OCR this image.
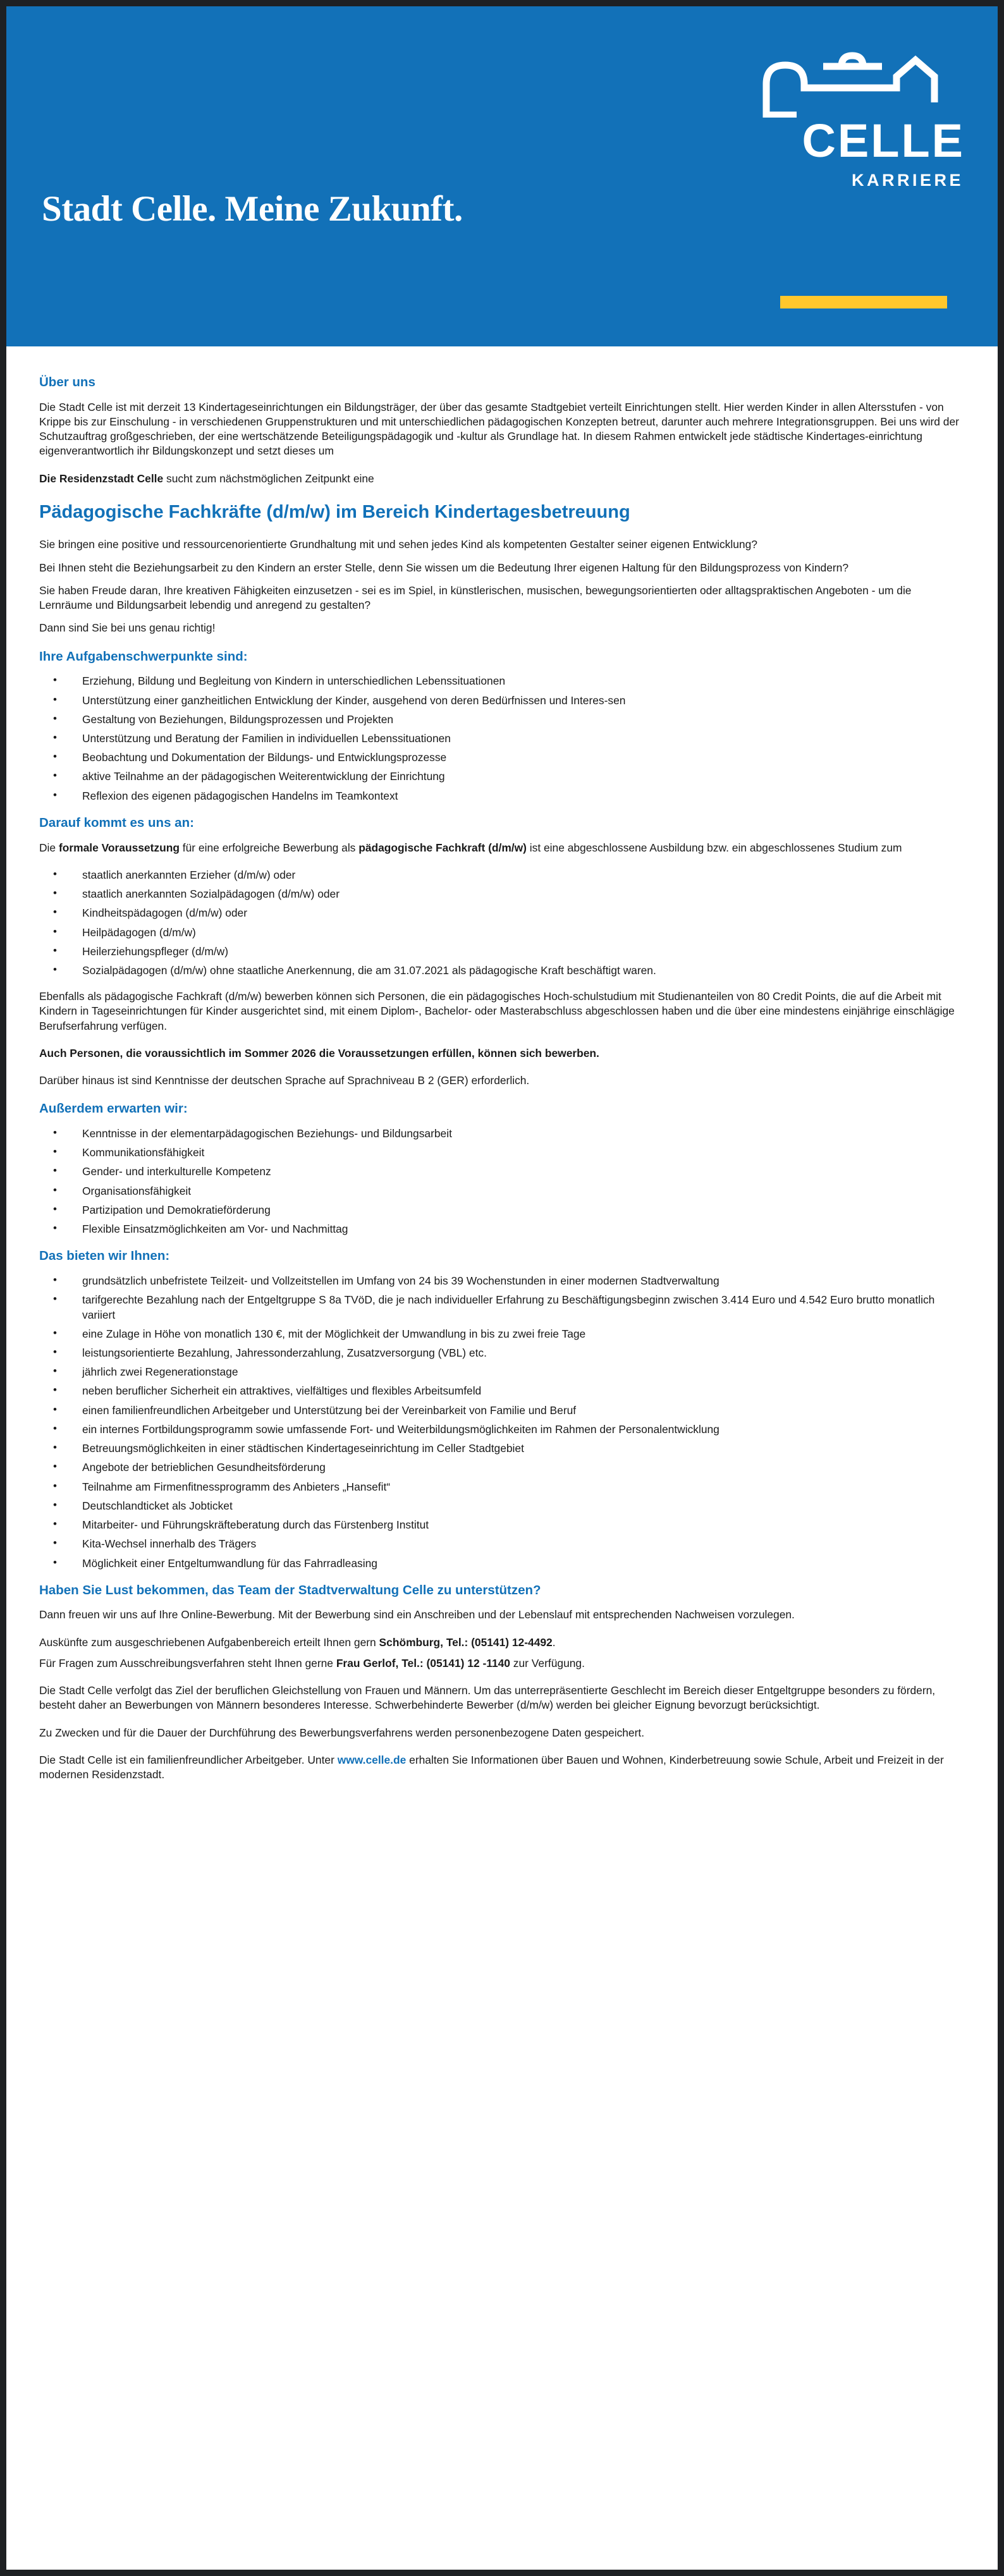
CELLE
KARRIERE
Stadt Celle. Meine Zukunft.
Über uns

Die Stadt Celle ist mit derzeit 13 Kindertageseinrichtungen ein Bildungsträger, der über das gesamte Stadtgebiet verteilt Einrichtungen stellt. Hier werden Kinder in allen Altersstufen - von Krippe bis zur Einschulung - in verschiedenen Gruppenstrukturen und mit unterschiedlichen pädagogischen Konzepten betreut, darunter auch mehrere Integrationsgruppen. Bei uns wird der Schutzauftrag großgeschrieben, der eine wertschätzende Beteiligungspädagogik und -kultur als Grundlage hat. In diesem Rahmen entwickelt jede städtische Kindertages-einrichtung eigenverantwortlich ihr Bildungskonzept und setzt dieses um

Die Residenzstadt Celle sucht zum nächstmöglichen Zeitpunkt eine

Pädagogische Fachkräfte (d/m/w) im Bereich Kindertagesbetreuung

Sie bringen eine positive und ressourcenorientierte Grundhaltung mit und sehen jedes Kind als kompetenten Gestalter seiner eigenen Entwicklung?

Bei Ihnen steht die Beziehungsarbeit zu den Kindern an erster Stelle, denn Sie wissen um die Bedeutung Ihrer eigenen Haltung für den Bildungsprozess von Kindern?

Sie haben Freude daran, Ihre kreativen Fähigkeiten einzusetzen - sei es im Spiel, in künstlerischen, musischen, bewegungsorientierten oder alltagspraktischen Angeboten - um die Lernräume und Bildungsarbeit lebendig und anregend zu gestalten?

Dann sind Sie bei uns genau richtig!

Ihre Aufgabenschwerpunkte sind:
• Erziehung, Bildung und Begleitung von Kindern in unterschiedlichen Lebenssituationen
• Unterstützung einer ganzheitlichen Entwicklung der Kinder, ausgehend von deren Bedürfnissen und Interes-sen
• Gestaltung von Beziehungen, Bildungsprozessen und Projekten
• Unterstützung und Beratung der Familien in individuellen Lebenssituationen
• Beobachtung und Dokumentation der Bildungs- und Entwicklungsprozesse
• aktive Teilnahme an der pädagogischen Weiterentwicklung der Einrichtung
• Reflexion des eigenen pädagogischen Handelns im Teamkontext
Darauf kommt es uns an:

Die formale Voraussetzung für eine erfolgreiche Bewerbung als pädagogische Fachkraft (d/m/w) ist eine abgeschlossene Ausbildung bzw. ein abgeschlossenes Studium zum

• staatlich anerkannten Erzieher (d/m/w) oder
• staatlich anerkannten Sozialpädagogen (d/m/w) oder
• Kindheitspädagogen (d/m/w) oder
• Heilpädagogen (d/m/w)
• Heilerziehungspfleger (d/m/w)
• Sozialpädagogen (d/m/w) ohne staatliche Anerkennung, die am 31.07.2021 als pädagogische Kraft beschäftigt waren.

Ebenfalls als pädagogische Fachkraft (d/m/w) bewerben können sich Personen, die ein pädagogisches Hoch-schulstudium mit Studienanteilen von 80 Credit Points, die auf die Arbeit mit Kindern in Tageseinrichtungen für Kinder ausgerichtet sind, mit einem Diplom-, Bachelor- oder Masterabschluss abgeschlossen haben und die über eine mindestens einjährige einschlägige Berufserfahrung verfügen.

Auch Personen, die voraussichtlich im Sommer 2026 die Voraussetzungen erfüllen, können sich bewerben.

Darüber hinaus ist sind Kenntnisse der deutschen Sprache auf Sprachniveau B 2 (GER) erforderlich.

Außerdem erwarten wir:
• Kenntnisse in der elementarpädagogischen Beziehungs- und Bildungsarbeit
• Kommunikationsfähigkeit
• Gender- und interkulturelle Kompetenz
• Organisationsfähigkeit
• Partizipation und Demokratieförderung
• Flexible Einsatzmöglichkeiten am Vor- und Nachmittag
Das bieten wir Ihnen:
• grundsätzlich unbefristete Teilzeit- und Vollzeitstellen im Umfang von 24 bis 39 Wochenstunden in einer modernen Stadtverwaltung
• tarifgerechte Bezahlung nach der Entgeltgruppe S 8a TVöD, die je nach individueller Erfahrung zu Beschäftigungsbeginn zwischen 3.414 Euro und 4.542 Euro brutto monatlich variiert
• eine Zulage in Höhe von monatlich 130 €, mit der Möglichkeit der Umwandlung in bis zu zwei freie Tage
• leistungsorientierte Bezahlung, Jahressonderzahlung, Zusatzversorgung (VBL) etc.
• jährlich zwei Regenerationstage
• neben beruflicher Sicherheit ein attraktives, vielfältiges und flexibles Arbeitsumfeld
• einen familienfreundlichen Arbeitgeber und Unterstützung bei der Vereinbarkeit von Familie und Beruf
• ein internes Fortbildungsprogramm sowie umfassende Fort- und Weiterbildungsmöglichkeiten im Rahmen der Personalentwicklung
• Betreuungsmöglichkeiten in einer städtischen Kindertageseinrichtung im Celler Stadtgebiet
• Angebote der betrieblichen Gesundheitsförderung
• Teilnahme am Firmenfitnessprogramm des Anbieters „Hansefit“
• Deutschlandticket als Jobticket
• Mitarbeiter- und Führungskräfteberatung durch das Fürstenberg Institut
• Kita-Wechsel innerhalb des Trägers
• Möglichkeit einer Entgeltumwandlung für das Fahrradleasing
Haben Sie Lust bekommen, das Team der Stadtverwaltung Celle zu unterstützen?

Dann freuen wir uns auf Ihre Online-Bewerbung. Mit der Bewerbung sind ein Anschreiben und der Lebenslauf mit entsprechenden Nachweisen vorzulegen.

Auskünfte zum ausgeschriebenen Aufgabenbereich erteilt Ihnen gern Schömburg, Tel.: (05141) 12-4492.

Für Fragen zum Ausschreibungsverfahren steht Ihnen gerne Frau Gerlof, Tel.: (05141) 12 -1140 zur Verfügung.

Die Stadt Celle verfolgt das Ziel der beruflichen Gleichstellung von Frauen und Männern. Um das unterrepräsentierte Geschlecht im Bereich dieser Entgeltgruppe besonders zu fördern, besteht daher an Bewerbungen von Männern besonderes Interesse. Schwerbehinderte Bewerber (d/m/w) werden bei gleicher Eignung bevorzugt berücksichtigt.

Zu Zwecken und für die Dauer der Durchführung des Bewerbungsverfahrens werden personenbezogene Daten gespeichert.

Die Stadt Celle ist ein familienfreundlicher Arbeitgeber. Unter www.celle.de erhalten Sie Informationen über Bauen und Wohnen, Kinderbetreuung sowie Schule, Arbeit und Freizeit in der modernen Residenzstadt.
